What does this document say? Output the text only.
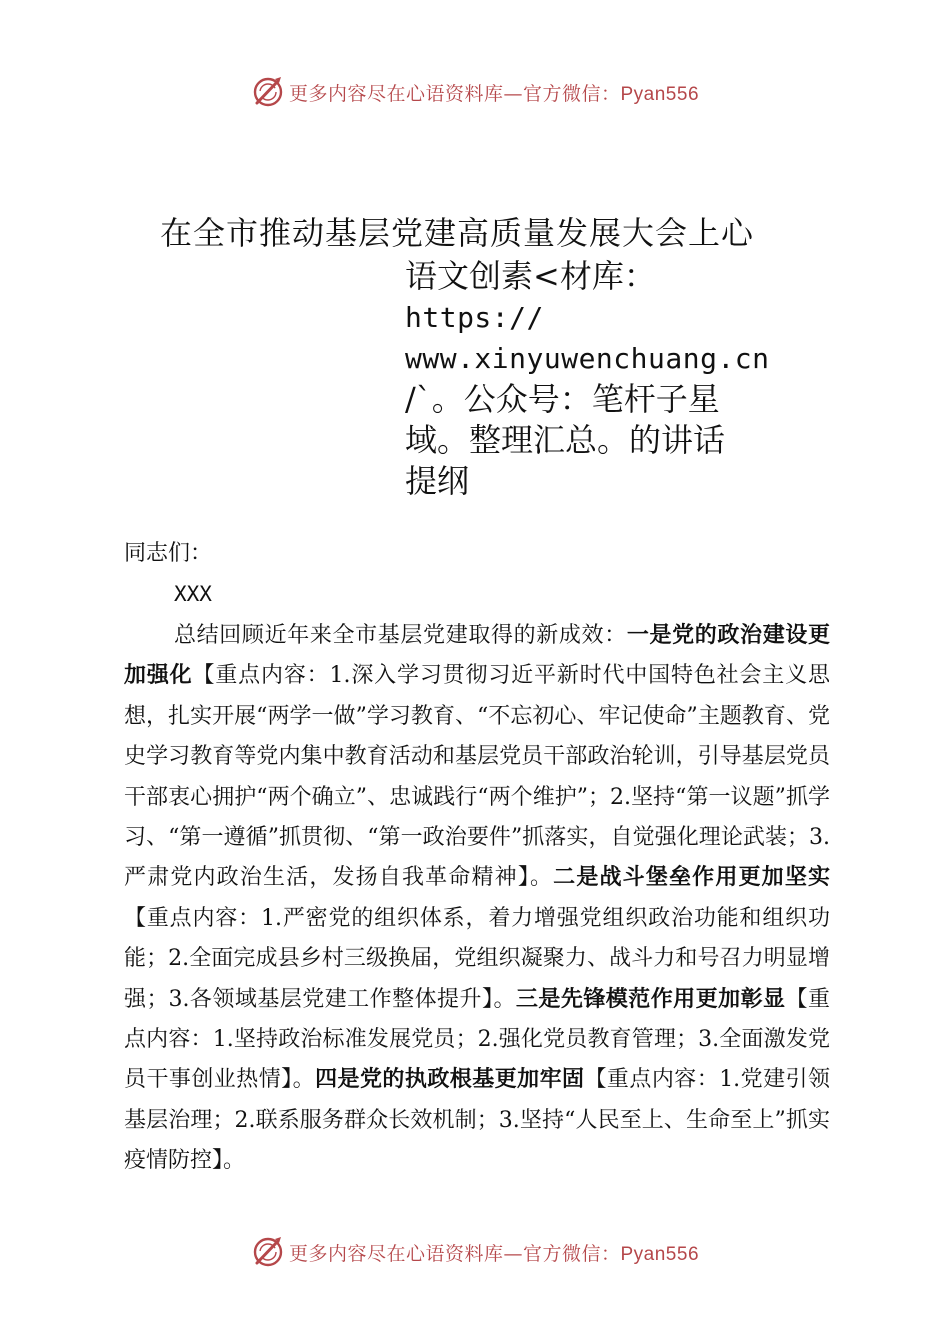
更多内容尽在心语资料库—官方微信：Pyan556
在全市推动基层党建高质量发展大会上心
语文创素<材库：
https://
www.xinyuwenchuang.cn
/`。公众号：笔杆子星
域。整理汇总。的讲话
提纲
同志们：
XXX
总结回顾近年来全市基层党建取得的新成效：一是党的政治建设更加强化【重点内容：1.深入学习贯彻习近平新时代中国特色社会主义思想，扎实开展“两学一做”学习教育、“不忘初心、牢记使命”主题教育、党史学习教育等党内集中教育活动和基层党员干部政治轮训，引导基层党员干部衷心拥护“两个确立”、忠诚践行“两个维护”；2.坚持“第一议题”抓学习、“第一遵循”抓贯彻、“第一政治要件”抓落实，自觉强化理论武装；3.严肃党内政治生活，发扬自我革命精神】。二是战斗堡垒作用更加坚实【重点内容：1.严密党的组织体系，着力增强党组织政治功能和组织功能；2.全面完成县乡村三级换届，党组织凝聚力、战斗力和号召力明显增强；3.各领域基层党建工作整体提升】。三是先锋模范作用更加彰显【重点内容：1.坚持政治标准发展党员；2.强化党员教育管理；3.全面激发党员干事创业热情】。四是党的执政根基更加牢固【重点内容：1.党建引领基层治理；2.联系服务群众长效机制；3.坚持“人民至上、生命至上”抓实疫情防控】。
更多内容尽在心语资料库—官方微信：Pyan556
